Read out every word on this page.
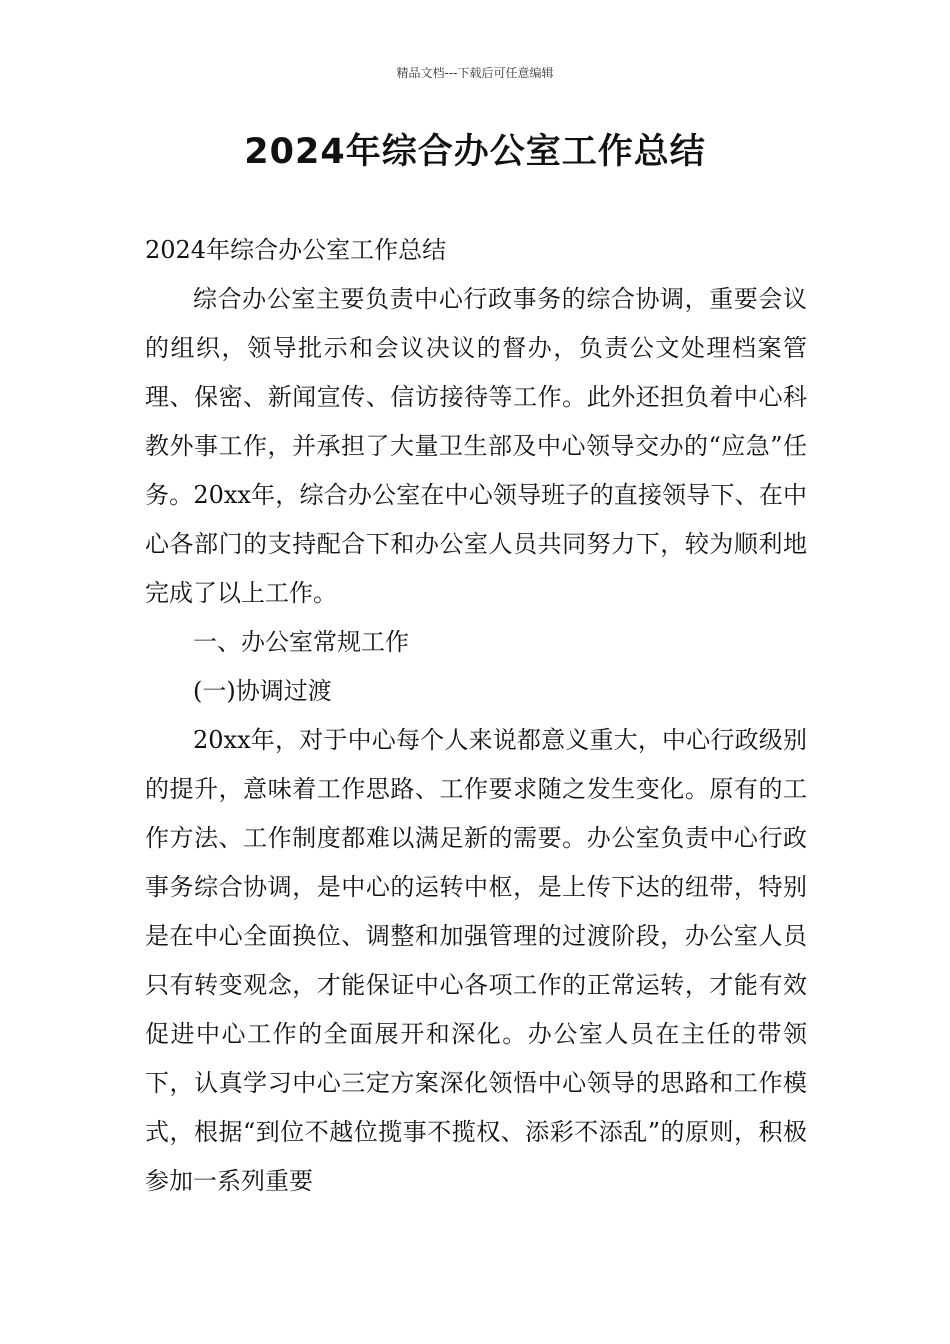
精品文档---下载后可任意编辑
2024年综合办公室工作总结

2024年综合办公室工作总结

综合办公室主要负责中心行政事务的综合协调，重要会议的组织，领导批示和会议决议的督办，负责公文处理档案管理、保密、新闻宣传、信访接待等工作。此外还担负着中心科教外事工作，并承担了大量卫生部及中心领导交办的“应急”任务。20xx年，综合办公室在中心领导班子的直接领导下、在中心各部门的支持配合下和办公室人员共同努力下，较为顺利地完成了以上工作。

一、办公室常规工作

(一)协调过渡

20xx年，对于中心每个人来说都意义重大，中心行政级别的提升，意味着工作思路、工作要求随之发生变化。原有的工作方法、工作制度都难以满足新的需要。办公室负责中心行政事务综合协调，是中心的运转中枢，是上传下达的纽带，特别是在中心全面换位、调整和加强管理的过渡阶段，办公室人员只有转变观念，才能保证中心各项工作的正常运转，才能有效促进中心工作的全面展开和深化。办公室人员在主任的带领下，认真学习中心三定方案深化领悟中心领导的思路和工作模式，根据“到位不越位揽事不揽权、添彩不添乱”的原则，积极参加一系列重要
